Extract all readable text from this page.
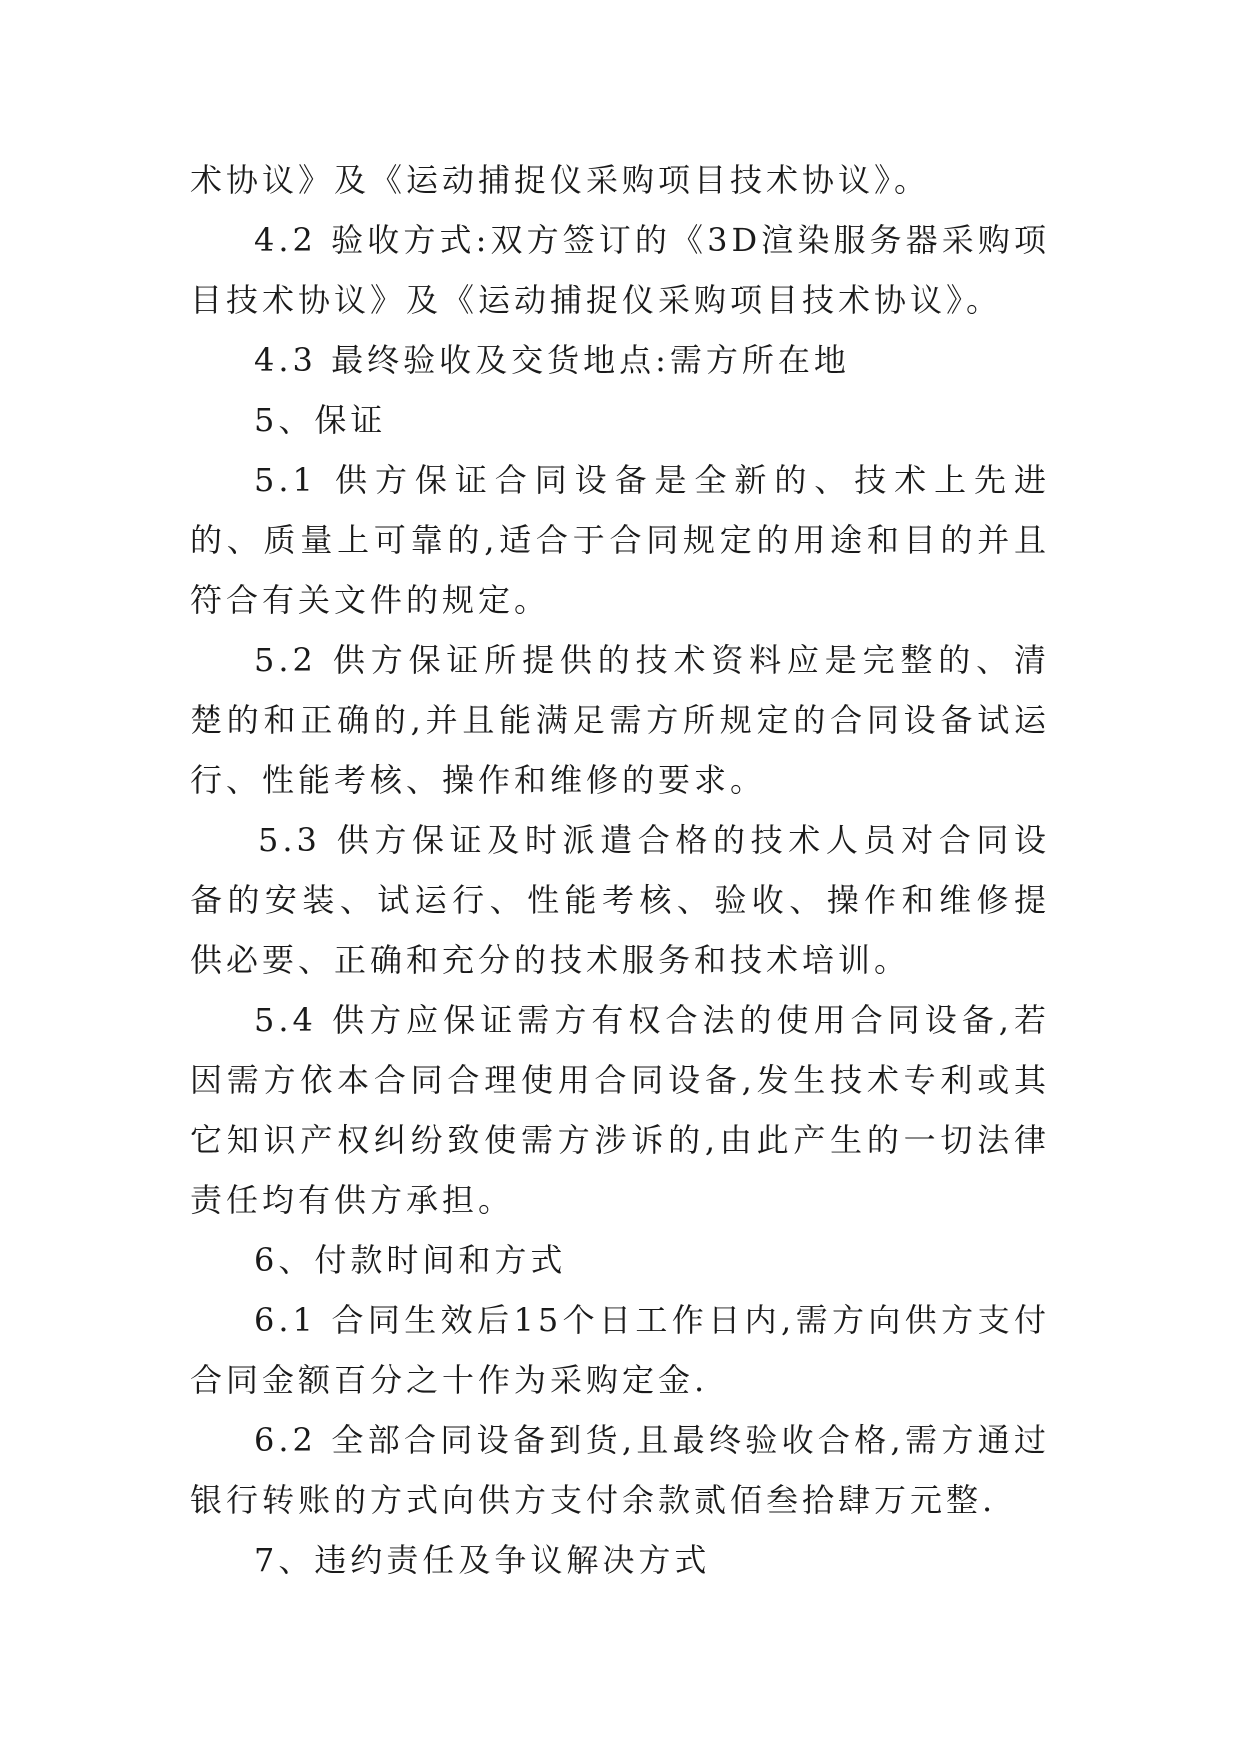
术协议》及《运动捕捉仪采购项目技术协议》。

4.2 验收方式:双方签订的《3D渲染服务器采购项目技术协议》及《运动捕捉仪采购项目技术协议》。

4.3 最终验收及交货地点:需方所在地

5、保证

5.1 供方保证合同设备是全新的、技术上先进的、质量上可靠的,适合于合同规定的用途和目的并且符合有关文件的规定。

5.2 供方保证所提供的技术资料应是完整的、清楚的和正确的,并且能满足需方所规定的合同设备试运行、性能考核、操作和维修的要求。

5.3 供方保证及时派遣合格的技术人员对合同设备的安装、试运行、性能考核、验收、操作和维修提供必要、正确和充分的技术服务和技术培训。

5.4 供方应保证需方有权合法的使用合同设备,若因需方依本合同合理使用合同设备,发生技术专利或其它知识产权纠纷致使需方涉诉的,由此产生的一切法律责任均有供方承担。

6、付款时间和方式

6.1 合同生效后15个日工作日内,需方向供方支付合同金额百分之十作为采购定金.

6.2 全部合同设备到货,且最终验收合格,需方通过银行转账的方式向供方支付余款贰佰叁拾肆万元整.

7、违约责任及争议解决方式
